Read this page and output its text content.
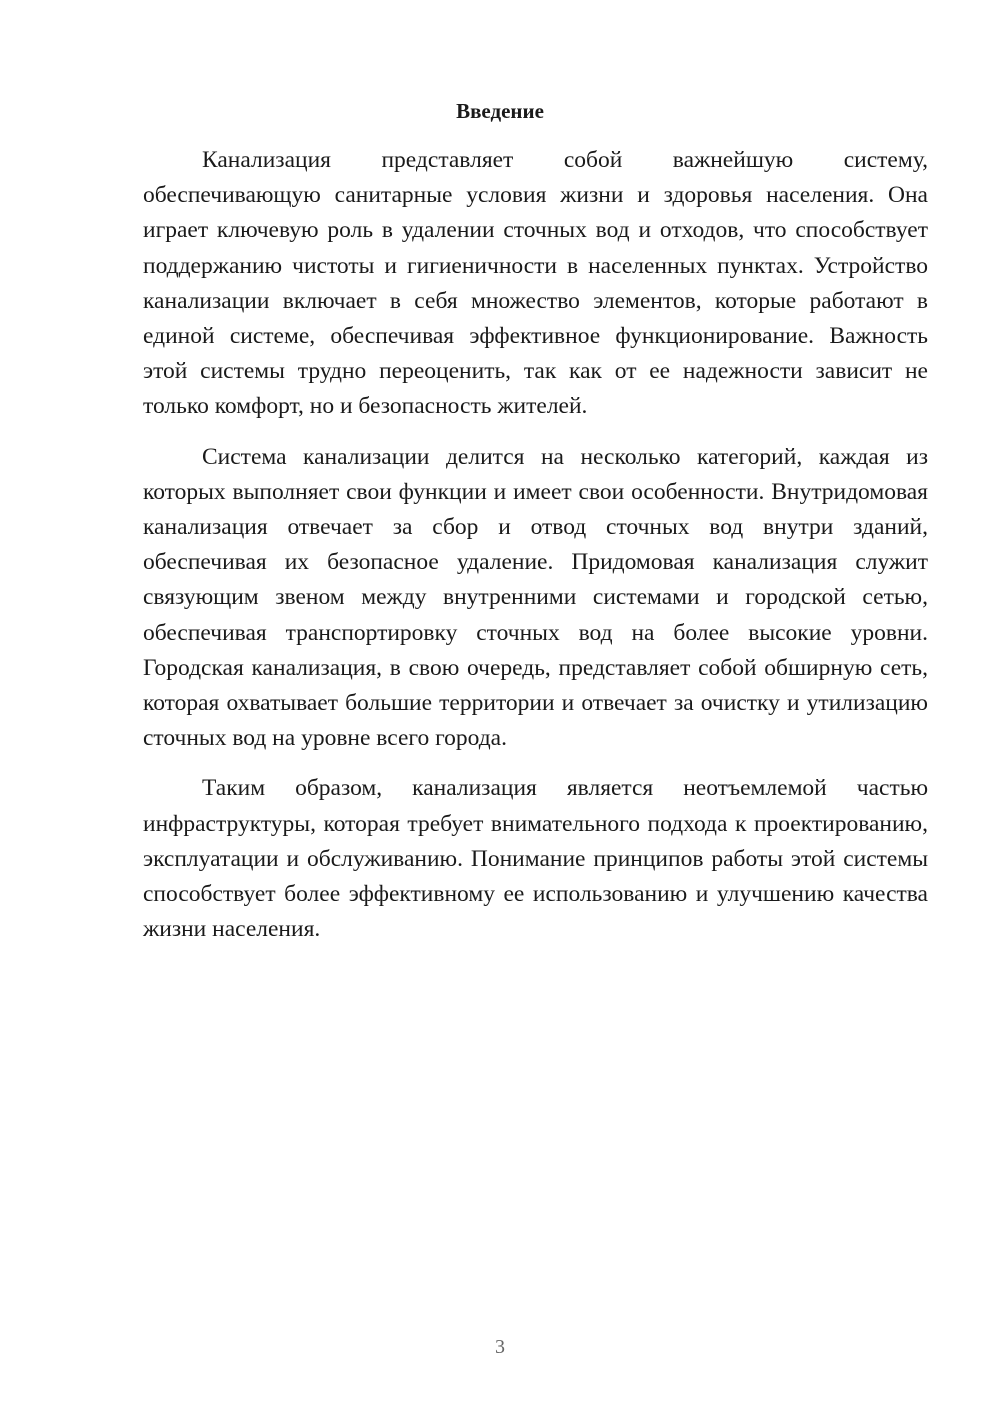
Введение

Канализация представляет собой важнейшую систему, обеспечивающую санитарные условия жизни и здоровья населения. Она играет ключевую роль в удалении сточных вод и отходов, что способствует поддержанию чистоты и гигиеничности в населенных пунктах. Устройство канализации включает в себя множество элементов, которые работают в единой системе, обеспечивая эффективное функционирование. Важность этой системы трудно переоценить, так как от ее надежности зависит не только комфорт, но и безопасность жителей.

Система канализации делится на несколько категорий, каждая из которых выполняет свои функции и имеет свои особенности. Внутридомовая канализация отвечает за сбор и отвод сточных вод внутри зданий, обеспечивая их безопасное удаление. Придомовая канализация служит связующим звеном между внутренними системами и городской сетью, обеспечивая транспортировку сточных вод на более высокие уровни. Городская канализация, в свою очередь, представляет собой обширную сеть, которая охватывает большие территории и отвечает за очистку и утилизацию сточных вод на уровне всего города.

Таким образом, канализация является неотъемлемой частью инфраструктуры, которая требует внимательного подхода к проектированию, эксплуатации и обслуживанию. Понимание принципов работы этой системы способствует более эффективному ее использованию и улучшению качества жизни населения.

3
